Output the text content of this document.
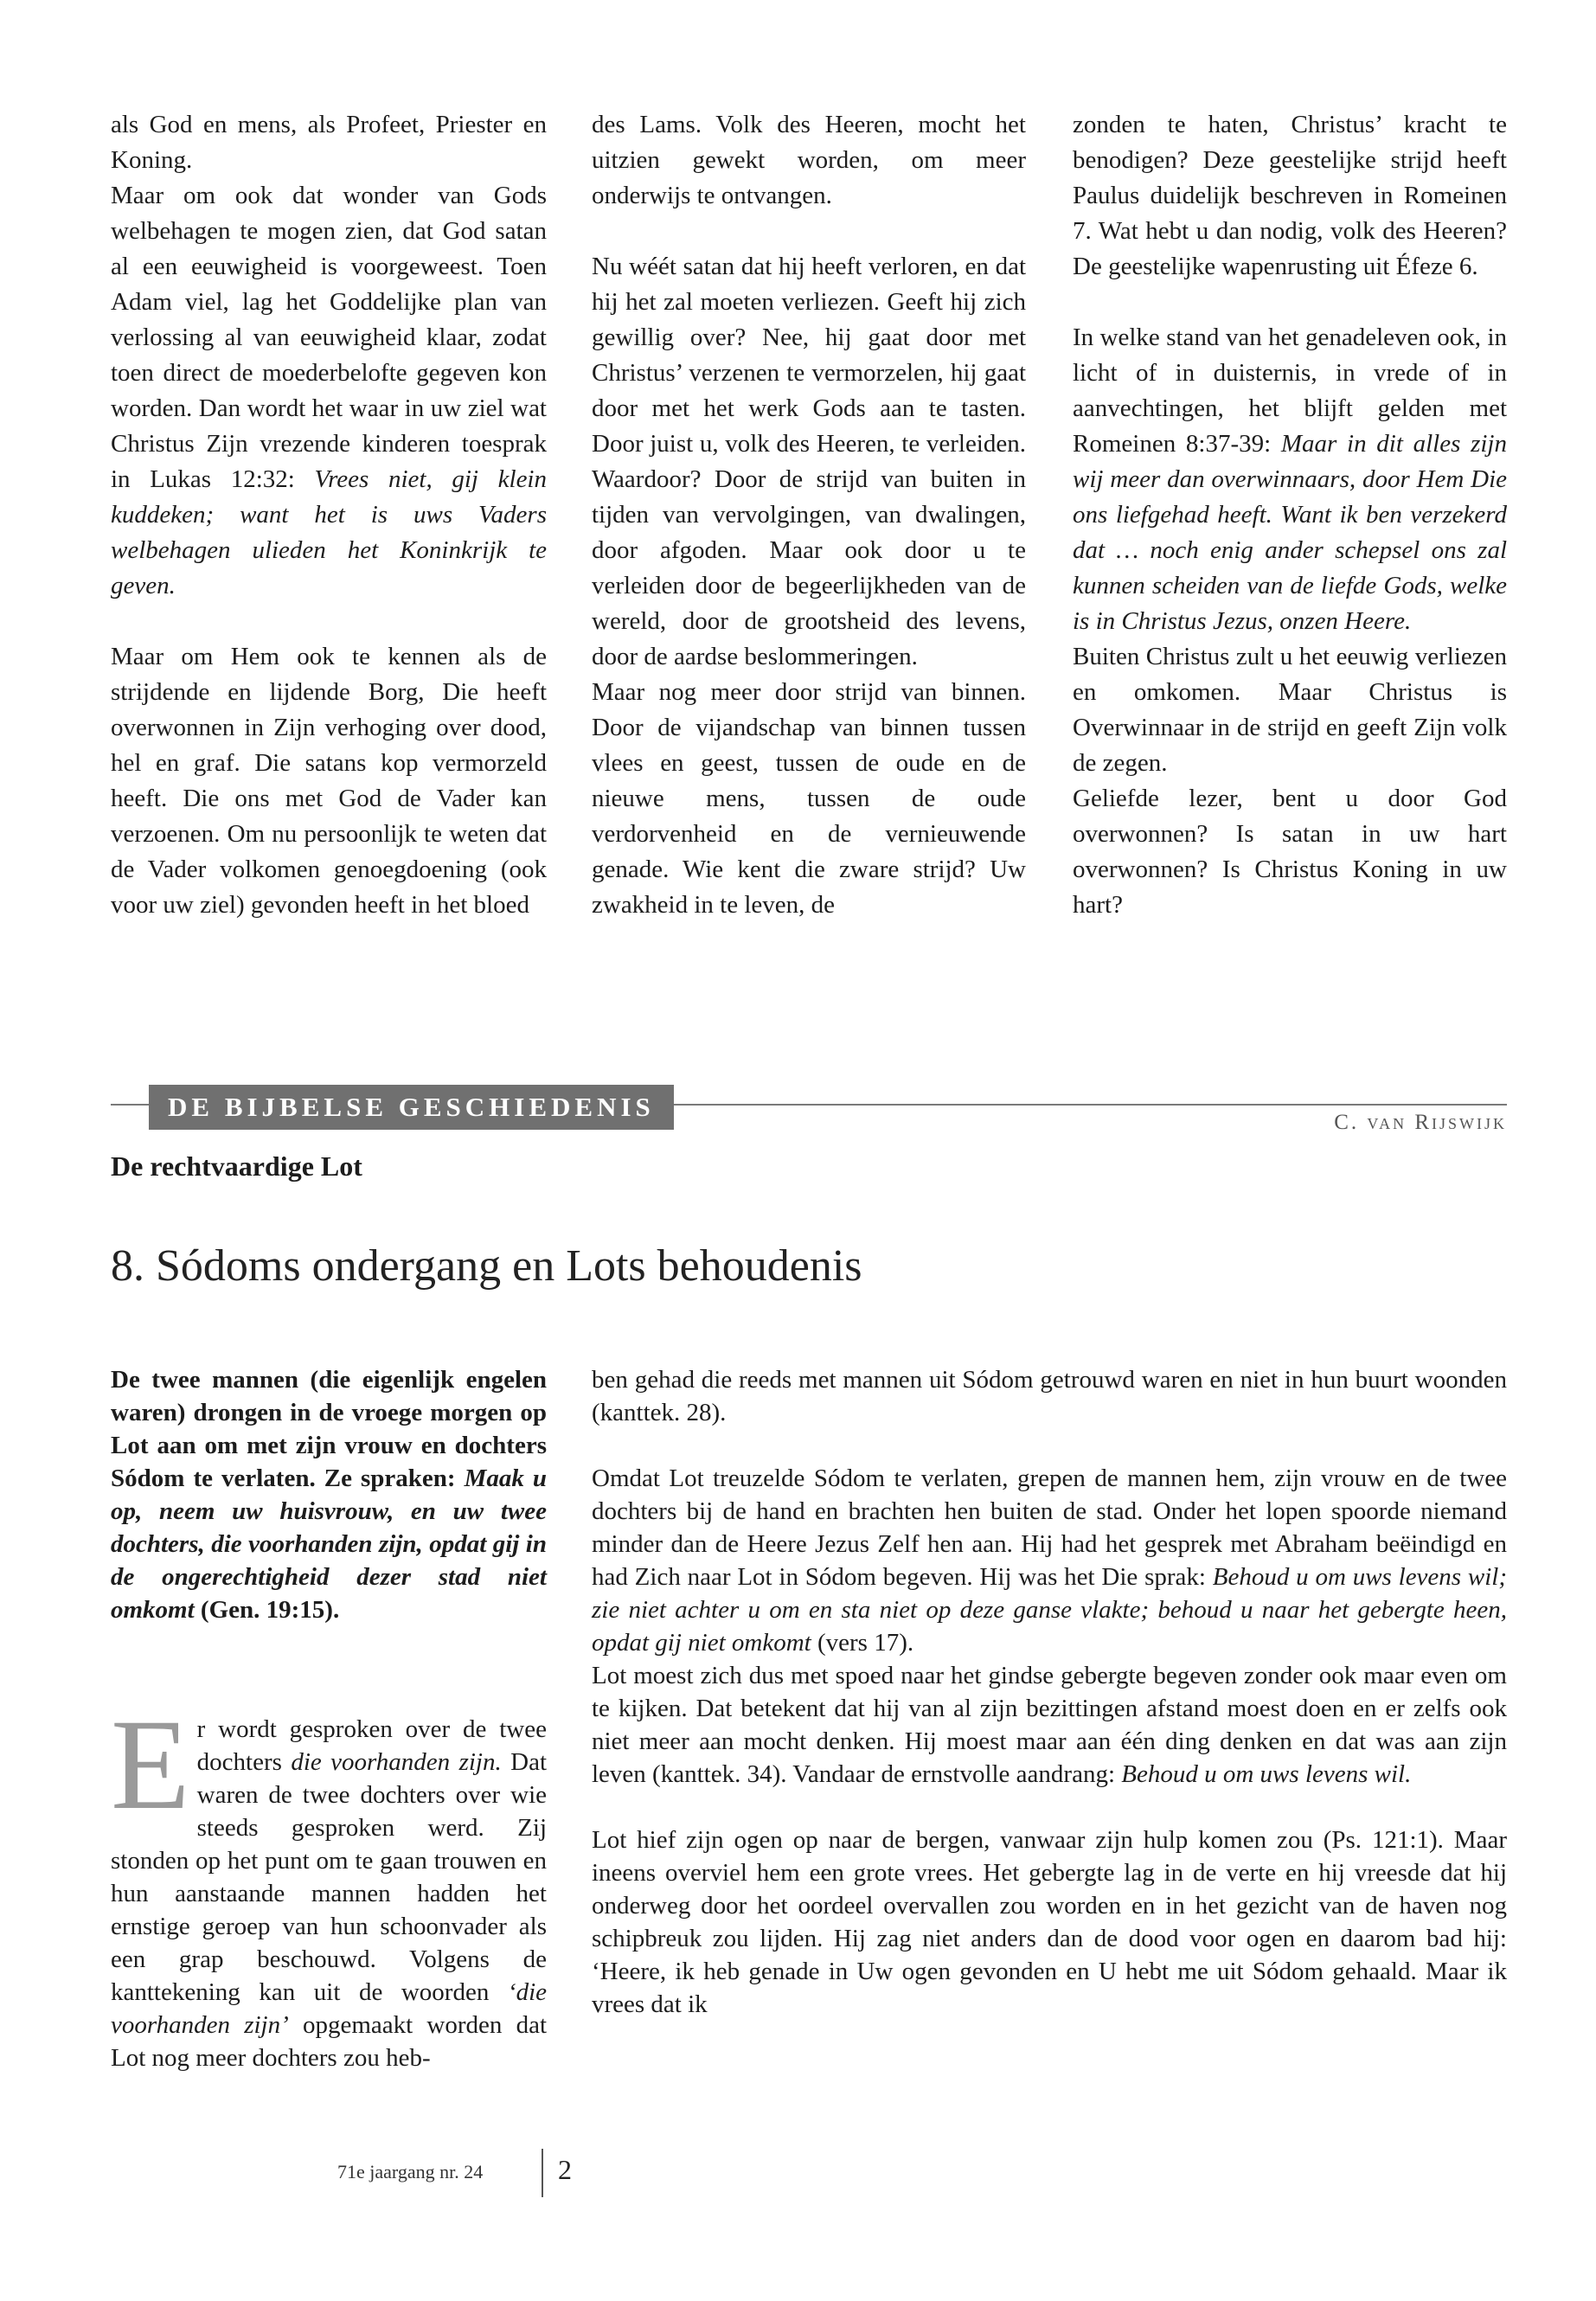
als God en mens, als Profeet, Priester en Koning.

Maar om ook dat wonder van Gods welbehagen te mogen zien, dat God satan al een eeuwigheid is voorgeweest. Toen Adam viel, lag het Goddelijke plan van verlossing al van eeuwigheid klaar, zodat toen direct de moederbelofte gegeven kon worden. Dan wordt het waar in uw ziel wat Christus Zijn vrezende kinderen toesprak in Lukas 12:32: Vrees niet, gij klein kuddeken; want het is uws Vaders welbehagen ulieden het Koninkrijk te geven.

Maar om Hem ook te kennen als de strijdende en lijdende Borg, Die heeft overwonnen in Zijn verhoging over dood, hel en graf. Die satans kop vermorzeld heeft. Die ons met God de Vader kan verzoenen. Om nu persoonlijk te weten dat de Vader volkomen genoegdoening (ook voor uw ziel) gevonden heeft in het bloed

des Lams. Volk des Heeren, mocht het uitzien gewekt worden, om meer onderwijs te ontvangen.

Nu wéét satan dat hij heeft verloren, en dat hij het zal moeten verliezen. Geeft hij zich gewillig over? Nee, hij gaat door met Christus’ verzenen te vermorzelen, hij gaat door met het werk Gods aan te tasten. Door juist u, volk des Heeren, te verleiden. Waardoor? Door de strijd van buiten in tijden van vervolgingen, van dwalingen, door afgoden. Maar ook door u te verleiden door de begeerlijkheden van de wereld, door de grootsheid des levens, door de aardse beslommeringen.

Maar nog meer door strijd van binnen. Door de vijandschap van binnen tussen vlees en geest, tussen de oude en de nieuwe mens, tussen de oude verdorvenheid en de vernieuwende genade. Wie kent die zware strijd? Uw zwakheid in te leven, de

zonden te haten, Christus’ kracht te benodigen? Deze geestelijke strijd heeft Paulus duidelijk beschreven in Romeinen 7. Wat hebt u dan nodig, volk des Heeren? De geestelijke wapenrusting uit Éfeze 6.

In welke stand van het genadeleven ook, in licht of in duisternis, in vrede of in aanvechtingen, het blijft gelden met Romeinen 8:37-39: Maar in dit alles zijn wij meer dan overwinnaars, door Hem Die ons liefgehad heeft. Want ik ben verzekerd dat … noch enig ander schepsel ons zal kunnen scheiden van de liefde Gods, welke is in Christus Jezus, onzen Heere.

Buiten Christus zult u het eeuwig verliezen en omkomen. Maar Christus is Overwinnaar in de strijd en geeft Zijn volk de zegen.

Geliefde lezer, bent u door God overwonnen? Is satan in uw hart overwonnen? Is Christus Koning in uw hart?

DE BIJBELSE GESCHIEDENIS
C. van Rijswijk
De rechtvaardige Lot
8. Sódoms ondergang en Lots behoudenis
De twee mannen (die eigenlijk engelen waren) drongen in de vroege morgen op Lot aan om met zijn vrouw en dochters Sódom te verlaten. Ze spraken: Maak u op, neem uw huisvrouw, en uw twee dochters, die voorhanden zijn, opdat gij in de ongerechtigheid dezer stad niet omkomt (Gen. 19:15).
E r wordt gesproken over de twee dochters die voorhanden zijn. Dat waren de twee dochters over wie steeds gesproken werd. Zij stonden op het punt om te gaan trouwen en hun aanstaande mannen hadden het ernstige geroep van hun schoonvader als een grap beschouwd. Volgens de kanttekening kan uit de woorden ‘die voorhanden zijn’ opgemaakt worden dat Lot nog meer dochters zou heb-

ben gehad die reeds met mannen uit Sódom getrouwd waren en niet in hun buurt woonden (kanttek. 28).

Omdat Lot treuzelde Sódom te verlaten, grepen de mannen hem, zijn vrouw en de twee dochters bij de hand en brachten hen buiten de stad. Onder het lopen spoorde niemand minder dan de Heere Jezus Zelf hen aan. Hij had het gesprek met Abraham beëindigd en had Zich naar Lot in Sódom begeven. Hij was het Die sprak: Behoud u om uws levens wil; zie niet achter u om en sta niet op deze ganse vlakte; behoud u naar het gebergte heen, opdat gij niet omkomt (vers 17).

Lot moest zich dus met spoed naar het gindse gebergte begeven zonder ook maar even om te kijken. Dat betekent dat hij van al zijn bezittingen afstand moest doen en er zelfs ook niet meer aan mocht denken. Hij moest maar aan één ding denken en dat was aan zijn leven (kanttek. 34). Vandaar de ernstvolle aandrang: Behoud u om uws levens wil.

Lot hief zijn ogen op naar de bergen, vanwaar zijn hulp komen zou (Ps. 121:1). Maar ineens overviel hem een grote vrees. Het gebergte lag in de verte en hij vreesde dat hij onderweg door het oordeel overvallen zou worden en in het gezicht van de haven nog schipbreuk zou lijden. Hij zag niet anders dan de dood voor ogen en daarom bad hij: ‘Heere, ik heb genade in Uw ogen gevonden en U hebt me uit Sódom gehaald. Maar ik vrees dat ik

71e jaargang nr. 24	2
